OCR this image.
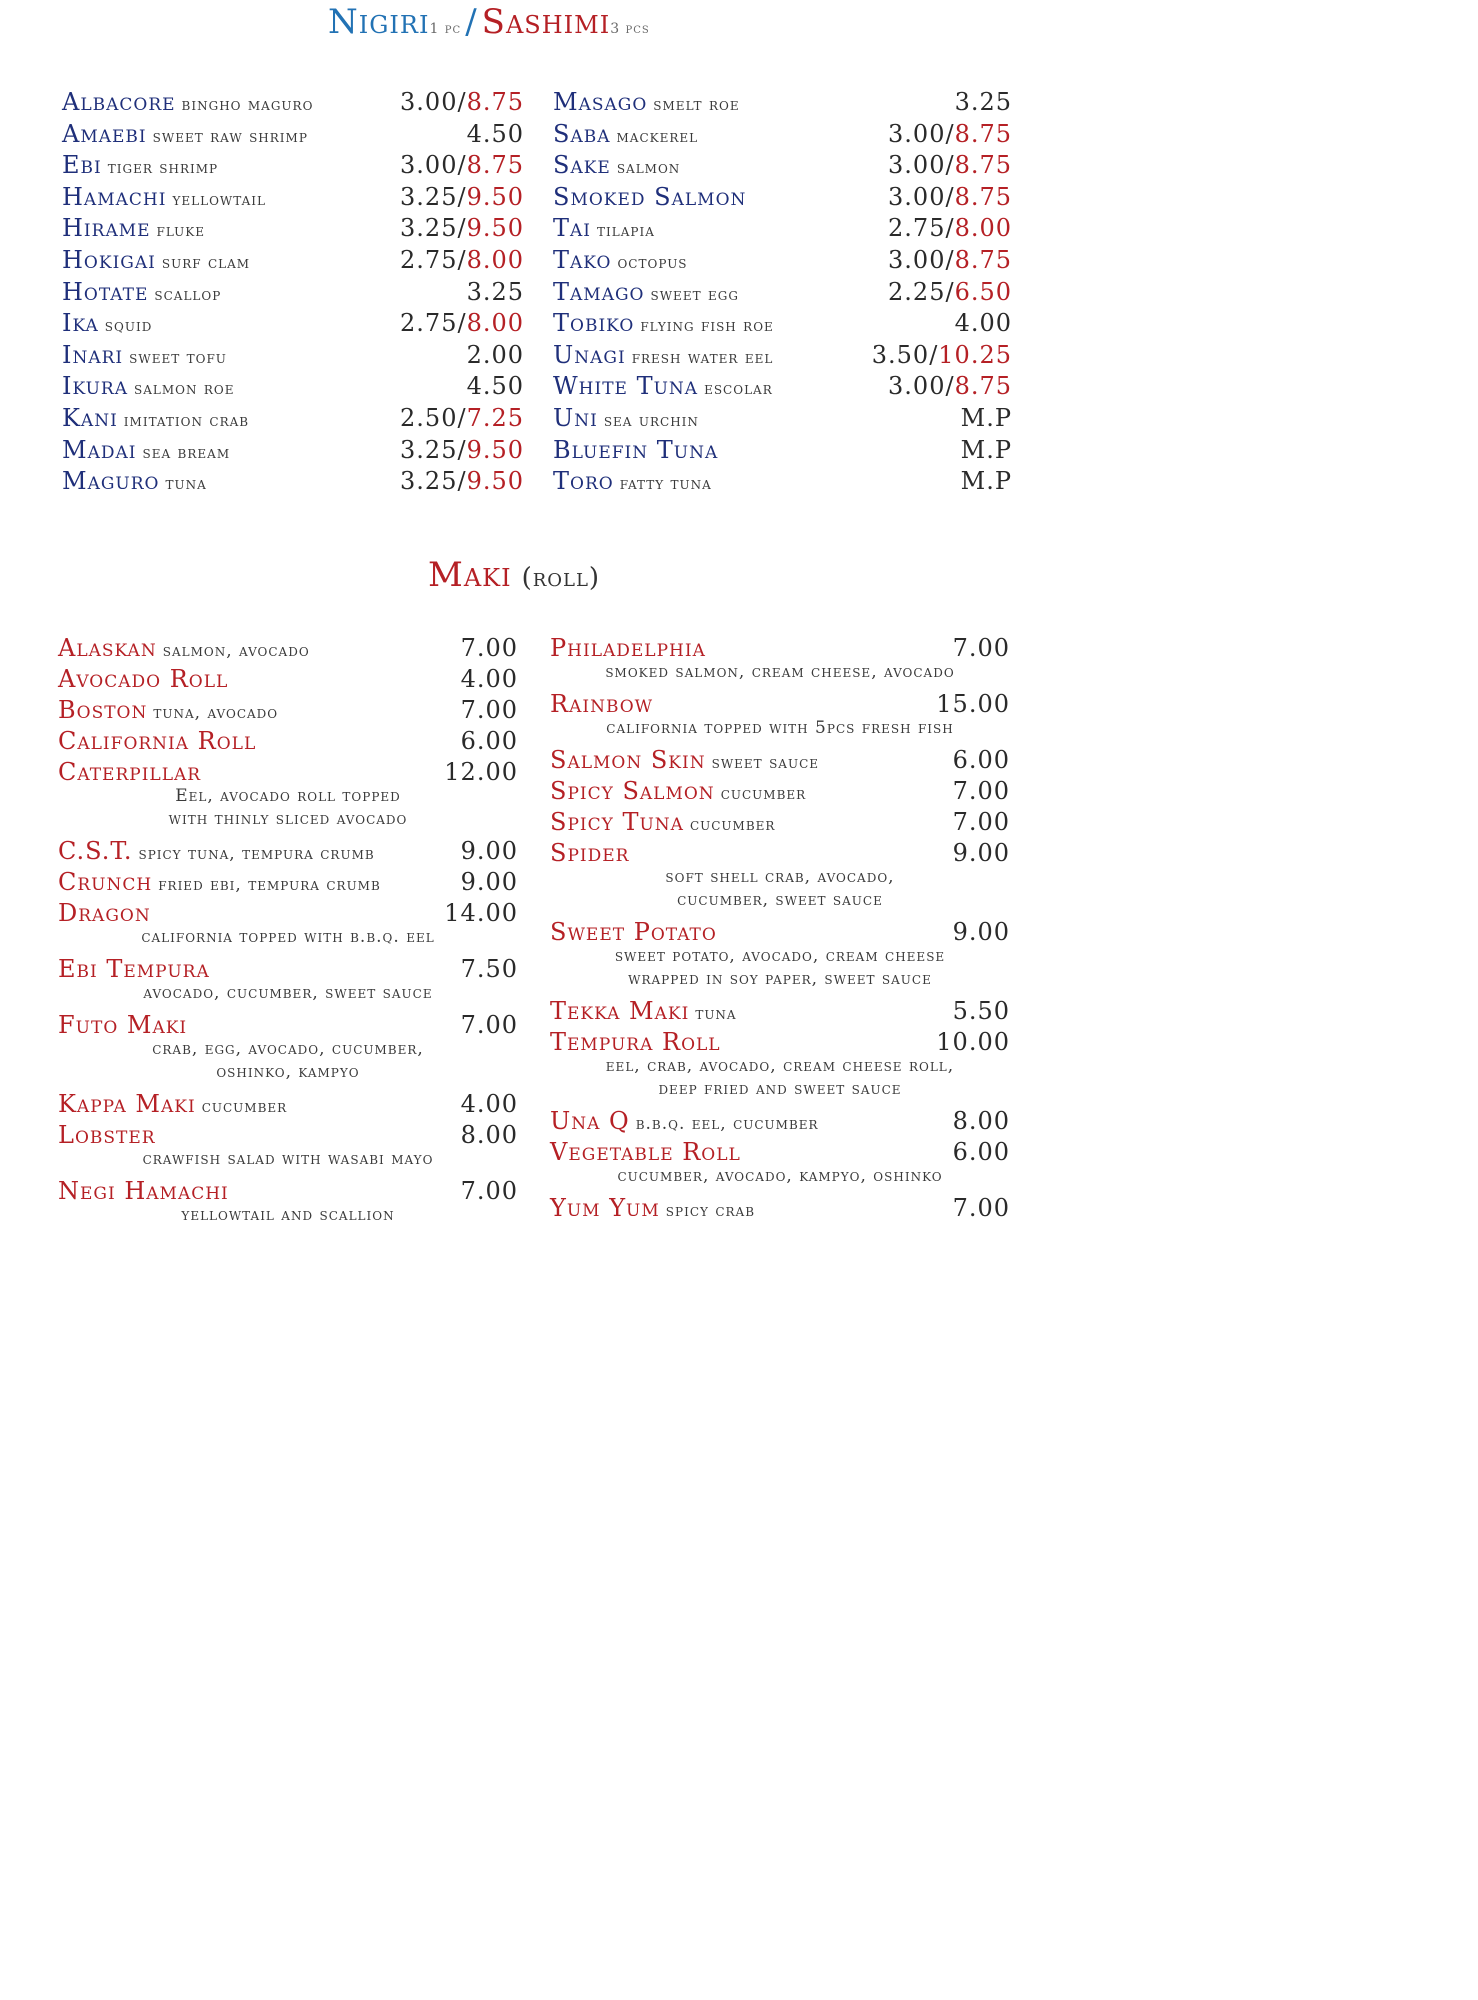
Nigiri1 pc / Sashimi3 pcs
Albacore bingho maguro	3.00/8.75
Amaebi sweet raw shrimp	4.50
Ebi tiger shrimp	3.00/8.75
Hamachi yellowtail	3.25/9.50
Hirame fluke	3.25/9.50
Hokigai surf clam	2.75/8.00
Hotate scallop	3.25
Ika squid	2.75/8.00
Inari sweet tofu	2.00
Ikura salmon roe	4.50
Kani imitation crab	2.50/7.25
Madai sea bream	3.25/9.50
Maguro tuna	3.25/9.50
Masago smelt roe	3.25
Saba mackerel	3.00/8.75
Sake salmon	3.00/8.75
Smoked Salmon	3.00/8.75
Tai tilapia	2.75/8.00
Tako octopus	3.00/8.75
Tamago sweet egg	2.25/6.50
Tobiko flying fish roe	4.00
Unagi fresh water eel	3.50/10.25
White Tuna escolar	3.00/8.75
Uni sea urchin	M.P
Bluefin Tuna	M.P
Toro fatty tuna	M.P
Maki (roll)
Alaskan salmon, avocado	7.00
Avocado Roll	4.00
Boston tuna, avocado	7.00
California Roll	6.00
Caterpillar	12.00
Eel, avocado roll topped
with thinly sliced avocado
C.S.T. spicy tuna, tempura crumb	9.00
Crunch fried ebi, tempura crumb	9.00
Dragon	14.00
california topped with b.b.q. eel
Ebi Tempura	7.50
avocado, cucumber, sweet sauce
Futo Maki	7.00
crab, egg, avocado, cucumber,
oshinko, kampyo
Kappa Maki cucumber	4.00
Lobster	8.00
crawfish salad with wasabi mayo
Negi Hamachi	7.00
yellowtail and scallion
Philadelphia	7.00
smoked salmon, cream cheese, avocado
Rainbow	15.00
california topped with 5pcs fresh fish
Salmon Skin sweet sauce	6.00
Spicy Salmon cucumber	7.00
Spicy Tuna cucumber	7.00
Spider	9.00
soft shell crab, avocado,
cucumber, sweet sauce
Sweet Potato	9.00
sweet potato, avocado, cream cheese
wrapped in soy paper, sweet sauce
Tekka Maki tuna	5.50
Tempura Roll	10.00
eel, crab, avocado, cream cheese roll,
deep fried and sweet sauce
Una Q b.b.q. eel, cucumber	8.00
Vegetable Roll	6.00
cucumber, avocado, kampyo, oshinko
Yum Yum spicy crab	7.00
